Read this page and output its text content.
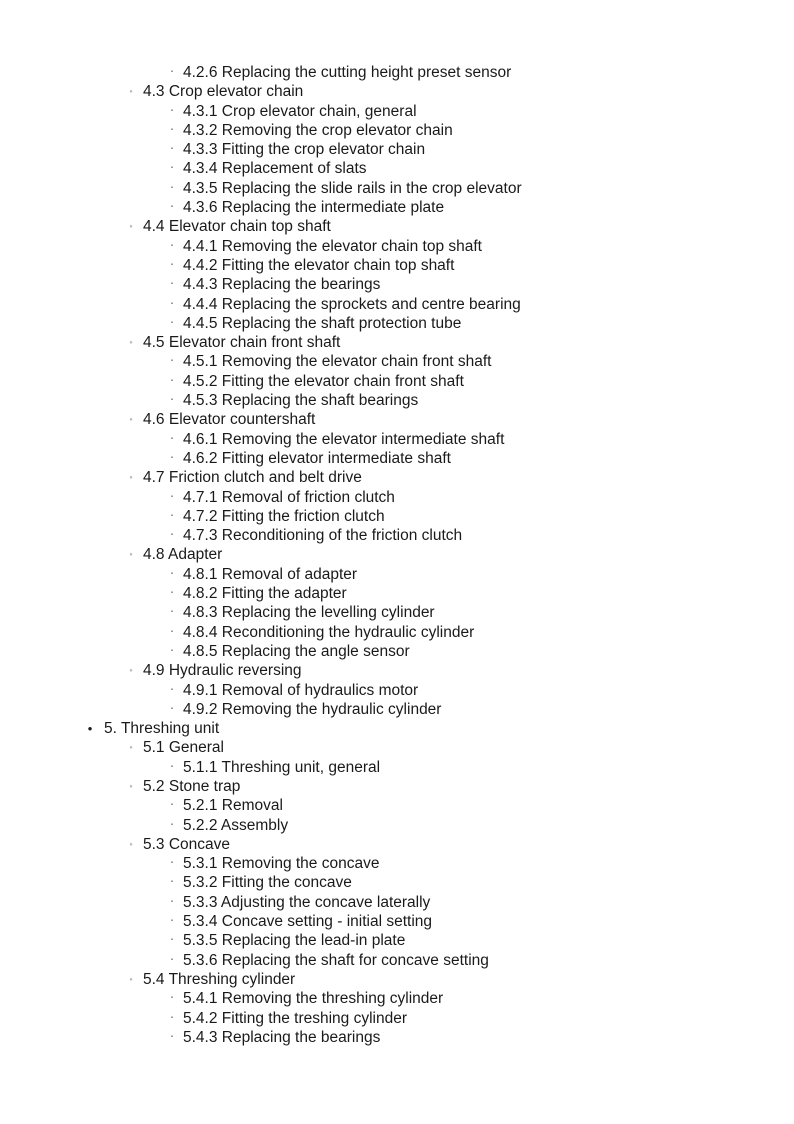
▪ 4.2.6 Replacing the cutting height preset sensor
◦ 4.3 Crop elevator chain
▪ 4.3.1 Crop elevator chain, general
▪ 4.3.2 Removing the crop elevator chain
▪ 4.3.3 Fitting the crop elevator chain
▪ 4.3.4 Replacement of slats
▪ 4.3.5 Replacing the slide rails in the crop elevator
▪ 4.3.6 Replacing the intermediate plate
◦ 4.4 Elevator chain top shaft
▪ 4.4.1 Removing the elevator chain top shaft
▪ 4.4.2 Fitting the elevator chain top shaft
▪ 4.4.3 Replacing the bearings
▪ 4.4.4 Replacing the sprockets and centre bearing
▪ 4.4.5 Replacing the shaft protection tube
◦ 4.5 Elevator chain front shaft
▪ 4.5.1 Removing the elevator chain front shaft
▪ 4.5.2 Fitting the elevator chain front shaft
▪ 4.5.3 Replacing the shaft bearings
◦ 4.6 Elevator countershaft
▪ 4.6.1 Removing the elevator intermediate shaft
▪ 4.6.2 Fitting elevator intermediate shaft
◦ 4.7 Friction clutch and belt drive
▪ 4.7.1 Removal of friction clutch
▪ 4.7.2 Fitting the friction clutch
▪ 4.7.3 Reconditioning of the friction clutch
◦ 4.8 Adapter
▪ 4.8.1 Removal of adapter
▪ 4.8.2 Fitting the adapter
▪ 4.8.3 Replacing the levelling cylinder
▪ 4.8.4 Reconditioning the hydraulic cylinder
▪ 4.8.5 Replacing the angle sensor
◦ 4.9 Hydraulic reversing
▪ 4.9.1 Removal of hydraulics motor
▪ 4.9.2 Removing the hydraulic cylinder
• 5. Threshing unit
◦ 5.1 General
▪ 5.1.1 Threshing unit, general
◦ 5.2 Stone trap
▪ 5.2.1 Removal
▪ 5.2.2 Assembly
◦ 5.3 Concave
▪ 5.3.1 Removing the concave
▪ 5.3.2 Fitting the concave
▪ 5.3.3 Adjusting the concave laterally
▪ 5.3.4 Concave setting - initial setting
▪ 5.3.5 Replacing the lead-in plate
▪ 5.3.6 Replacing the shaft for concave setting
◦ 5.4 Threshing cylinder
▪ 5.4.1 Removing the threshing cylinder
▪ 5.4.2 Fitting the treshing cylinder
▪ 5.4.3 Replacing the bearings
